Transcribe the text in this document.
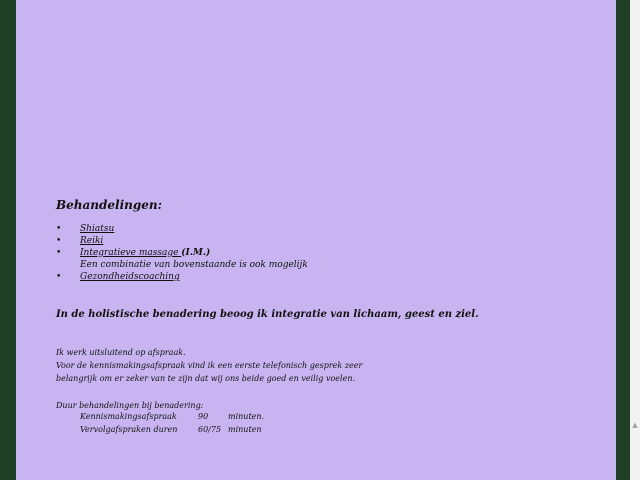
Behandelingen:
• Shiatsu
• Reiki
• Integratieve massage (I.M.)
Een combinatie van bovenstaande is ook mogelijk
• Gezondheidscoaching

In de holistische benadering beoog ik integratie van lichaam, geest en ziel.

Ik werk uitsluitend op afspraak.
Voor de kennismakingsafspraak vind ik een eerste telefonisch gesprek zeer
belangrijk om er zeker van te zijn dat wij ons beide goed en veilig voelen.
Duur behandelingen bij benadering:
Kennismakingsafspraak	90 minuten.
Vervolgafspraken duren	60/75 minuten	▲
